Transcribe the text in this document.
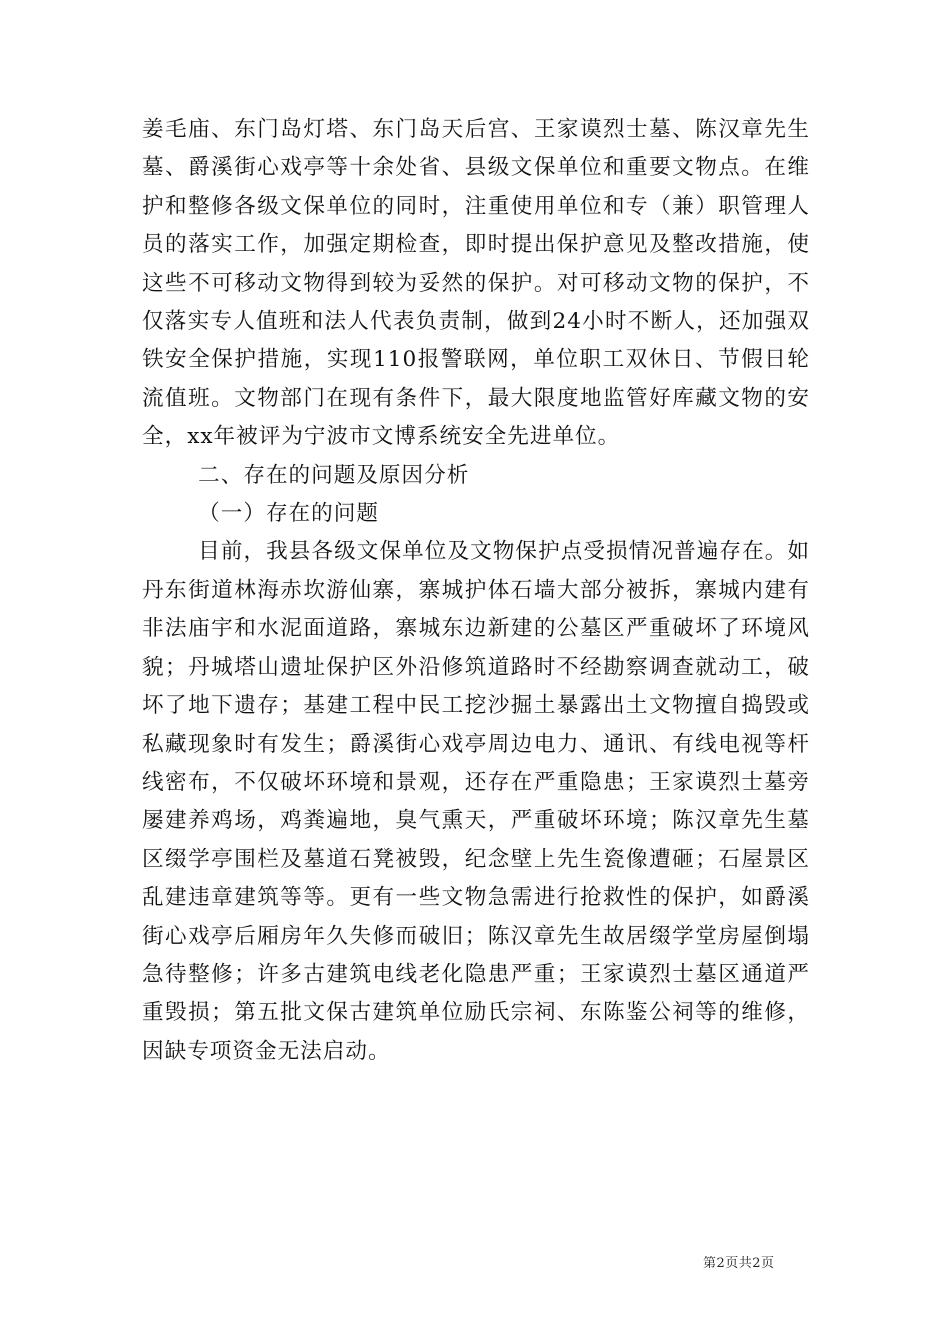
姜毛庙、东门岛灯塔、东门岛天后宫、王家谟烈士墓、陈汉章先生墓、爵溪街心戏亭等十余处省、县级文保单位和重要文物点。在维护和整修各级文保单位的同时，注重使用单位和专（兼）职管理人员的落实工作，加强定期检查，即时提出保护意见及整改措施，使这些不可移动文物得到较为妥然的保护。对可移动文物的保护，不仅落实专人值班和法人代表负责制，做到24小时不断人，还加强双铁安全保护措施，实现110报警联网，单位职工双休日、节假日轮流值班。文物部门在现有条件下，最大限度地监管好库藏文物的安全，xx年被评为宁波市文博系统安全先进单位。

二、存在的问题及原因分析

（一）存在的问题

目前，我县各级文保单位及文物保护点受损情况普遍存在。如丹东街道林海赤坎游仙寨，寨城护体石墙大部分被拆，寨城内建有非法庙宇和水泥面道路，寨城东边新建的公墓区严重破坏了环境风貌；丹城塔山遗址保护区外沿修筑道路时不经勘察调查就动工，破坏了地下遗存；基建工程中民工挖沙掘土暴露出土文物擅自捣毁或私藏现象时有发生；爵溪街心戏亭周边电力、通讯、有线电视等杆线密布，不仅破坏环境和景观，还存在严重隐患；王家谟烈士墓旁屡建养鸡场，鸡粪遍地，臭气熏天，严重破坏环境；陈汉章先生墓区缀学亭围栏及墓道石凳被毁，纪念壁上先生瓷像遭砸；石屋景区乱建违章建筑等等。更有一些文物急需进行抢救性的保护，如爵溪街心戏亭后厢房年久失修而破旧；陈汉章先生故居缀学堂房屋倒塌急待整修；许多古建筑电线老化隐患严重；王家谟烈士墓区通道严重毁损；第五批文保古建筑单位励氏宗祠、东陈鉴公祠等的维修，因缺专项资金无法启动。

第2页共2页
